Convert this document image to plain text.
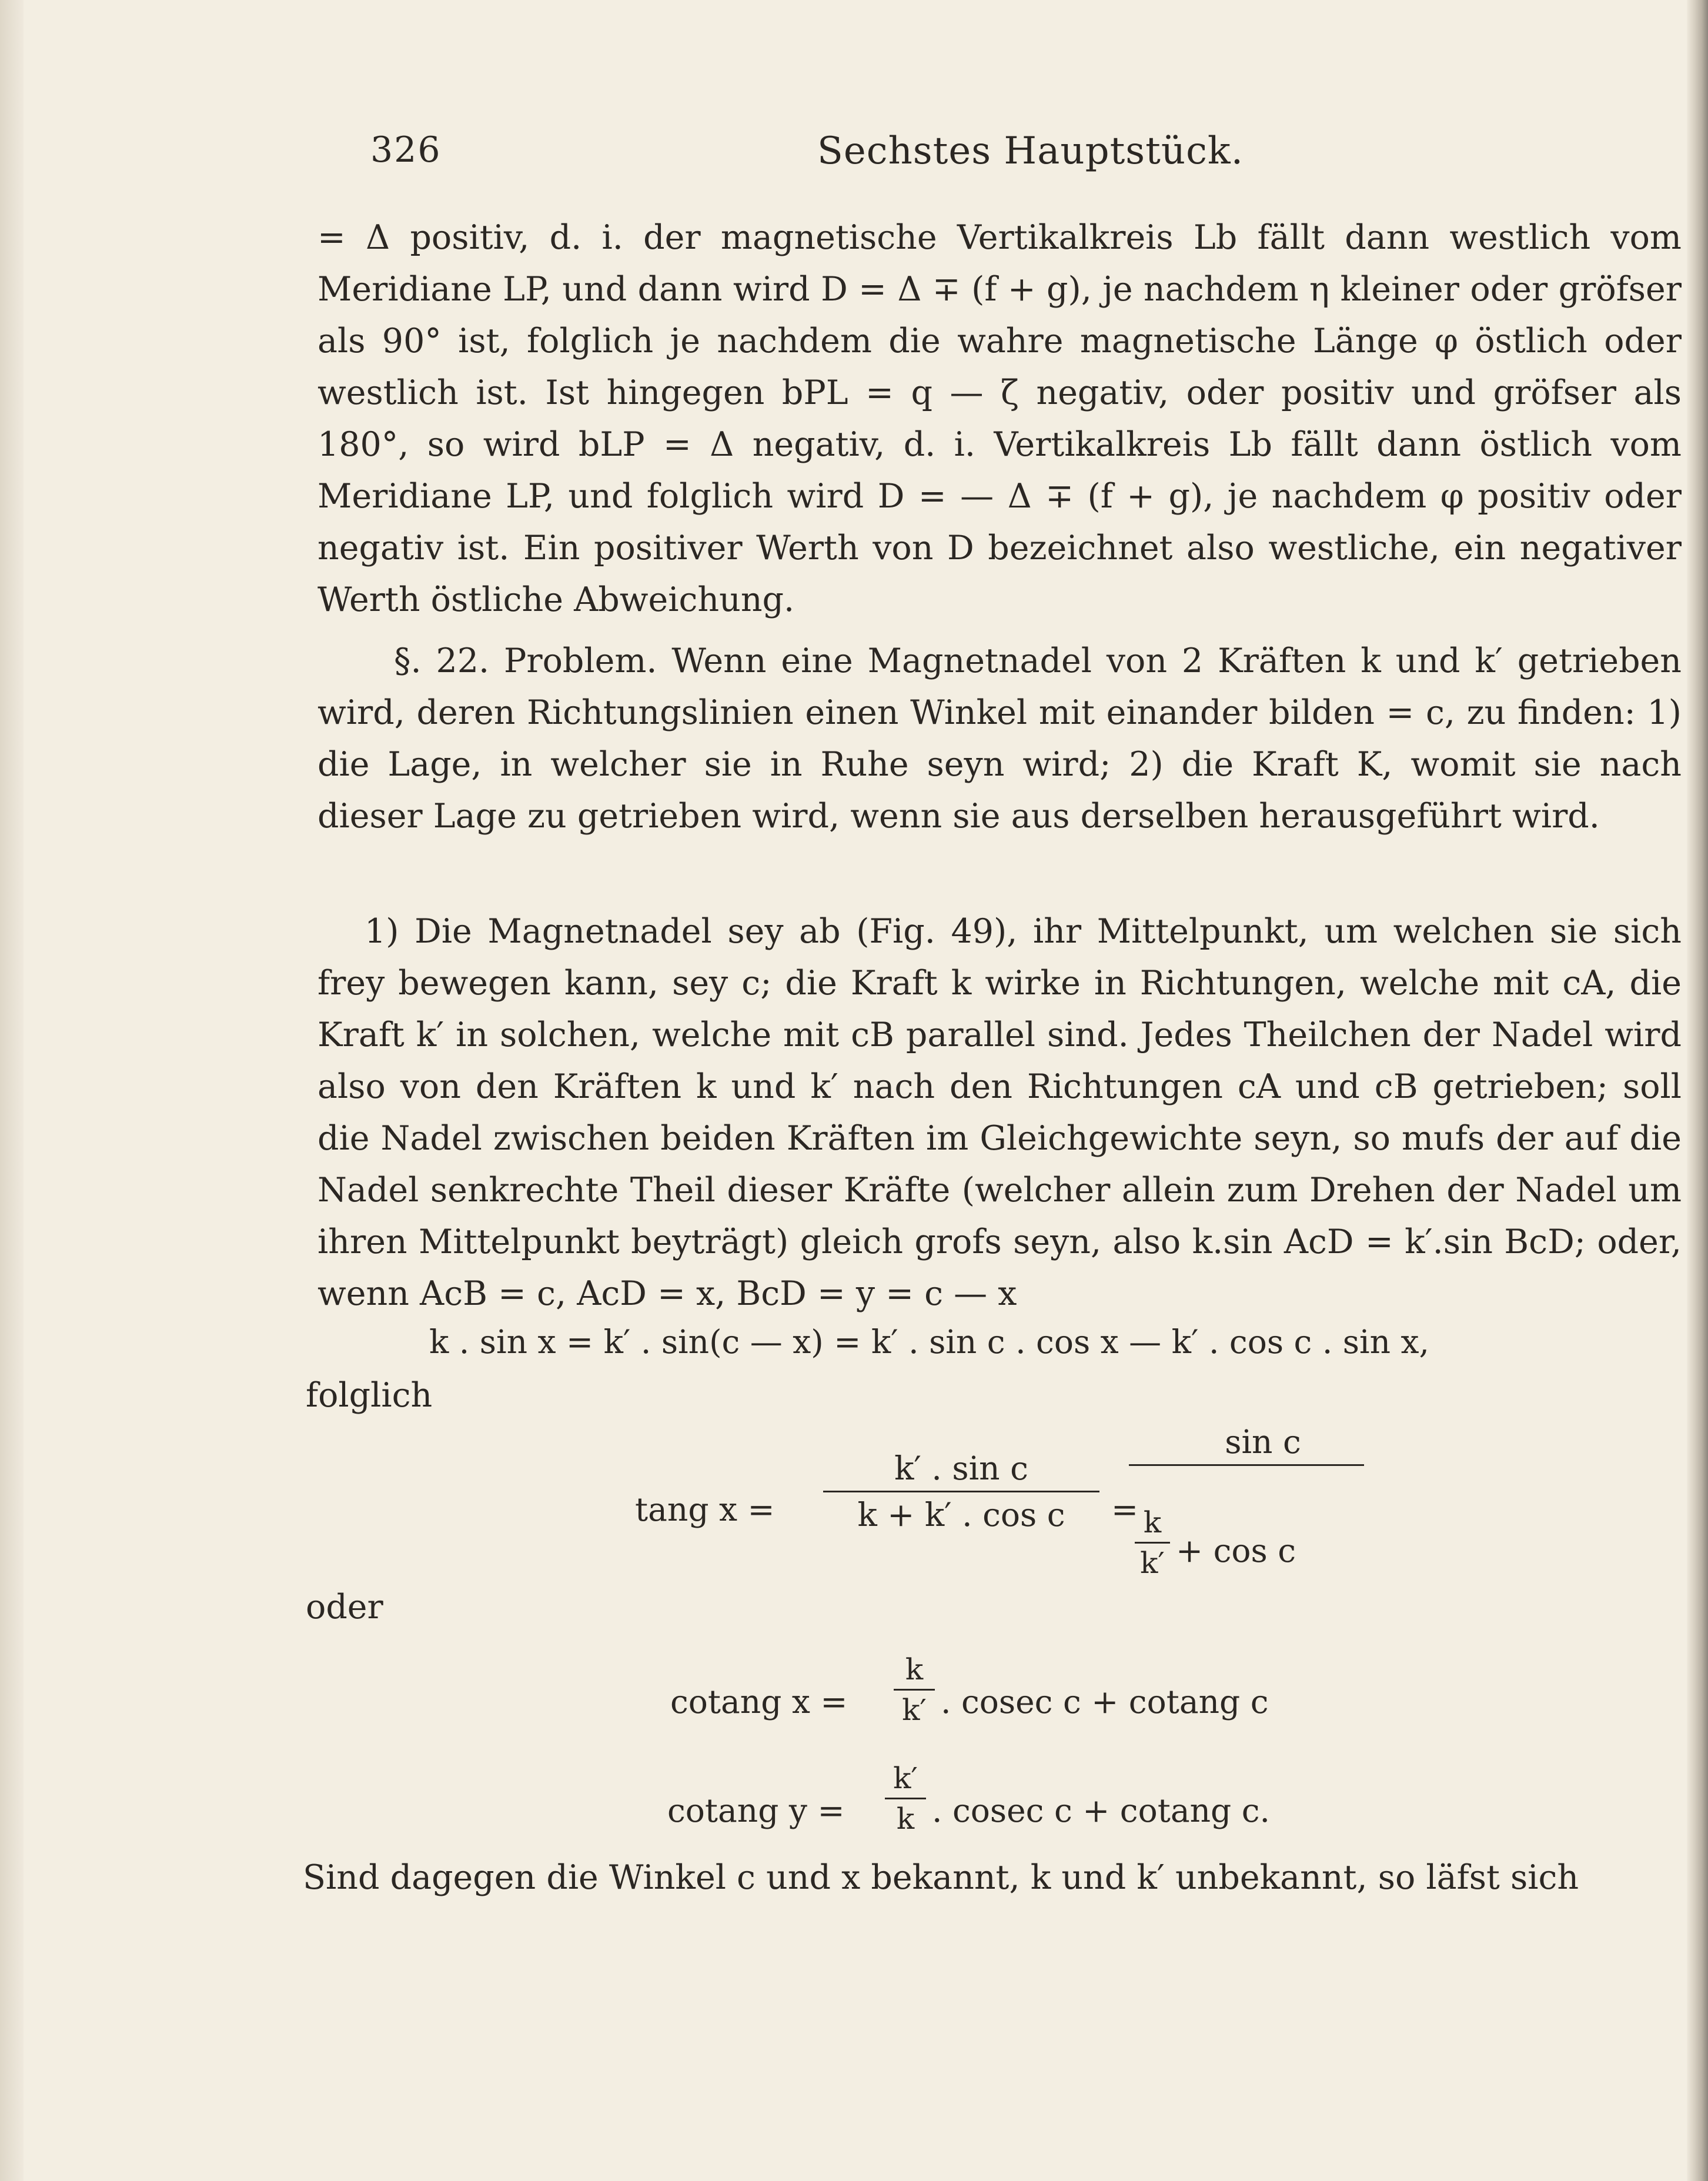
326	Sechstes Hauptstück.

= Δ positiv, d. i. der magnetische Vertikalkreis Lb fällt dann westlich vom Meridiane LP, und dann wird D = Δ ∓ (f + g), je nachdem η kleiner oder gröfser als 90° ist, folglich je nachdem die wahre magnetische Länge φ östlich oder westlich ist. Ist hingegen bPL = q — ζ negativ, oder positiv und gröfser als 180°, so wird bLP = Δ negativ, d. i. Vertikalkreis Lb fällt dann östlich vom Meridiane LP, und folglich wird D = — Δ ∓ (f + g), je nachdem φ positiv oder negativ ist. Ein positiver Werth von D bezeichnet also westliche, ein negativer Werth östliche Abweichung.

§. 22. Problem. Wenn eine Magnetnadel von 2 Kräften k und k′ getrieben wird, deren Richtungslinien einen Winkel mit einander bilden = c, zu finden: 1) die Lage, in welcher sie in Ruhe seyn wird; 2) die Kraft K, womit sie nach dieser Lage zu getrieben wird, wenn sie aus derselben herausgeführt wird.

1) Die Magnetnadel sey ab (Fig. 49), ihr Mittelpunkt, um welchen sie sich frey bewegen kann, sey c; die Kraft k wirke in Richtungen, welche mit cA, die Kraft k′ in solchen, welche mit cB parallel sind. Jedes Theilchen der Nadel wird also von den Kräften k und k′ nach den Richtungen cA und cB getrieben; soll die Nadel zwischen beiden Kräften im Gleichgewichte seyn, so mufs der auf die Nadel senkrechte Theil dieser Kräfte (welcher allein zum Drehen der Nadel um ihren Mittelpunkt beyträgt) gleich grofs seyn, also k.sin AcD = k′.sin BcD; oder, wenn AcB = c, AcD = x, BcD = y = c — x

k . sin x = k′ . sin(c — x) = k′ . sin c . cos x — k′ . cos c . sin x,
folglich
tang x =
k′ . sin c
k + k′ . cos c	=
sin c
k
k′ + cos c
oder
cotang x =
k
k′ . cosec c + cotang c
cotang y =
k′
k . cosec c + cotang c.
Sind dagegen die Winkel c und x bekannt, k und k′ unbekannt, so läfst sich
